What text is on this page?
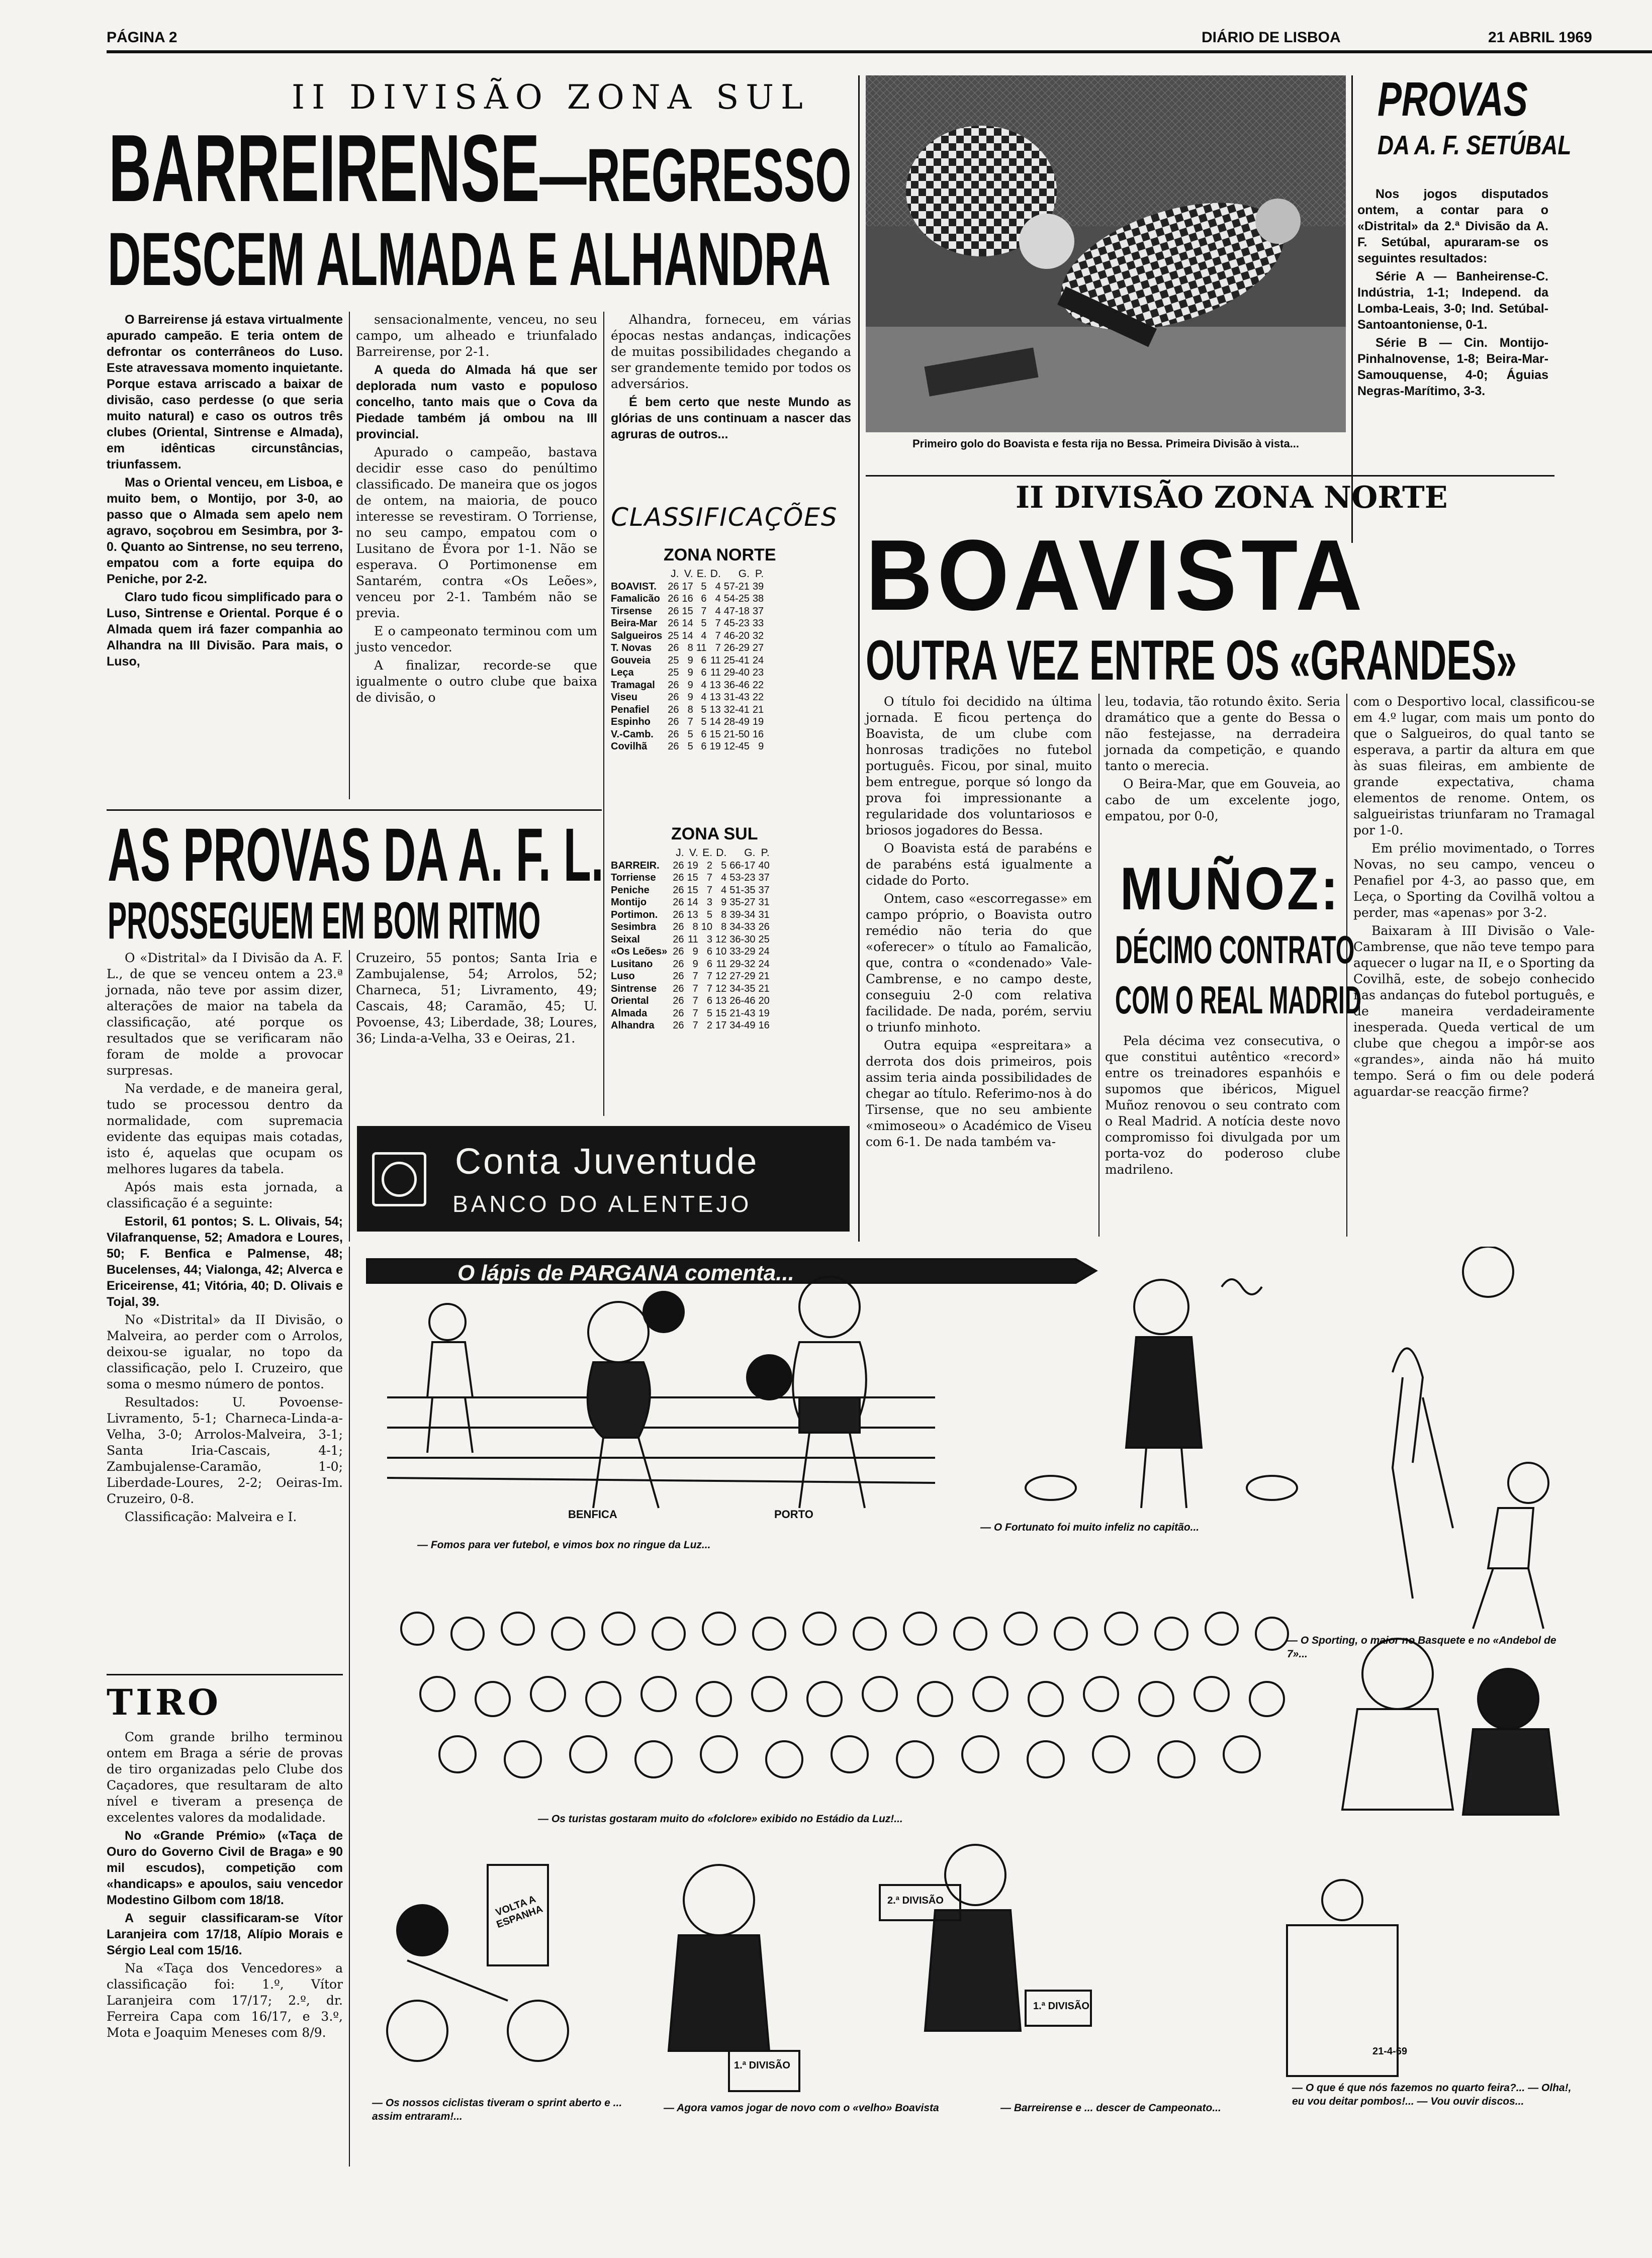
PÁGINA 2	DIÁRIO DE LISBOA	21 ABRIL 1969
II DIVISÃO ZONA SUL
BARREIRENSE—REGRESSO
DESCEM ALMADA E ALHANDRA

O Barreirense já estava virtualmente apurado campeão. E teria ontem de defrontar os conterrâneos do Luso. Este atravessava momento inquietante. Porque estava arriscado a baixar de divisão, caso perdesse (o que seria muito natural) e caso os outros três clubes (Oriental, Sintrense e Almada), em idênticas circunstâncias, triunfassem.

Mas o Oriental venceu, em Lisboa, e muito bem, o Montijo, por 3-0, ao passo que o Almada sem apelo nem agravo, soçobrou em Sesimbra, por 3-0. Quanto ao Sintrense, no seu terreno, empatou com a forte equipa do Peniche, por 2-2.

Claro tudo ficou simplificado para o Luso, Sintrense e Oriental. Porque é o Almada quem irá fazer companhia ao Alhandra na III Divisão. Para mais, o Luso,

sensacionalmente, venceu, no seu campo, um alheado e triunfalado Barreirense, por 2-1.

A queda do Almada há que ser deplorada num vasto e populoso concelho, tanto mais que o Cova da Piedade também já ombou na III provincial.

Apurado o campeão, bastava decidir esse caso do penúltimo classificado. De maneira que os jogos de ontem, na maioria, de pouco interesse se revestiram. O Torriense, no seu campo, empatou com o Lusitano de Évora por 1-1. Não se esperava. O Portimonense em Santarém, contra «Os Leões», venceu por 2-1. Também não se previa.

E o campeonato terminou com um justo vencedor.

A finalizar, recorde-se que igualmente o outro clube que baixa de divisão, o

Alhandra, forneceu, em várias épocas nestas andanças, indicações de muitas possibilidades chegando a ser grandemente temido por todos os adversários.

É bem certo que neste Mundo as glórias de uns continuam a nascer das agruras de outros...

CLASSIFICAÇÕES
ZONA NORTE
	J.	V.	E.	D.	G.	P.
BOAVIST.	26	17	5	4	57-21	39
Famalicão	26	16	6	4	54-25	38
Tirsense	26	15	7	4	47-18	37
Beira-Mar	26	14	5	7	45-23	33
Salgueiros	25	14	4	7	46-20	32
T. Novas	26	8	11	7	26-29	27
Gouveia	25	9	6	11	25-41	24
Leça	25	9	6	11	29-40	23
Tramagal	26	9	4	13	36-46	22
Viseu	26	9	4	13	31-43	22
Penafiel	26	8	5	13	32-41	21
Espinho	26	7	5	14	28-49	19
V.-Camb.	26	5	6	15	21-50	16
Covilhã	26	5	6	19	12-45	9
ZONA SUL
	J.	V.	E.	D.	G.	P.
BARREIR.	26	19	2	5	66-17	40
Torriense	26	15	7	4	53-23	37
Peniche	26	15	7	4	51-35	37
Montijo	26	14	3	9	35-27	31
Portimon.	26	13	5	8	39-34	31
Sesimbra	26	8	10	8	34-33	26
Seixal	26	11	3	12	36-30	25
«Os Leões»	26	9	6	10	33-29	24
Lusitano	26	9	6	11	29-32	24
Luso	26	7	7	12	27-29	21
Sintrense	26	7	7	12	34-35	21
Oriental	26	7	6	13	26-46	20
Almada	26	7	5	15	21-43	19
Alhandra	26	7	2	17	34-49	16
AS PROVAS DA A. F. L.
PROSSEGUEM EM BOM RITMO

O «Distrital» da I Divisão da A. F. L., de que se venceu ontem a 23.ª jornada, não teve por assim dizer, alterações de maior na tabela da classificação, até porque os resultados que se verificaram não foram de molde a provocar surpresas.

Na verdade, e de maneira geral, tudo se processou dentro da normalidade, com supremacia evidente das equipas mais cotadas, isto é, aquelas que ocupam os melhores lugares da tabela.

Após mais esta jornada, a classificação é a seguinte:

Estoril, 61 pontos; S. L. Olivais, 54; Vilafranquense, 52; Amadora e Loures, 50; F. Benfica e Palmense, 48; Bucelenses, 44; Vialonga, 42; Alverca e Ericeirense, 41; Vitória, 40; D. Olivais e Tojal, 39.

No «Distrital» da II Divisão, o Malveira, ao perder com o Arrolos, deixou-se igualar, no topo da classificação, pelo I. Cruzeiro, que soma o mesmo número de pontos.

Resultados: U. Povoense-Livramento, 5-1; Charneca-Linda-a-Velha, 3-0; Arrolos-Malveira, 3-1; Santa Iria-Cascais, 4-1; Zambujalense-Caramão, 1-0; Liberdade-Loures, 2-2; Oeiras-Im. Cruzeiro, 0-8.

Classificação: Malveira e I.

Cruzeiro, 55 pontos; Santa Iria e Zambujalense, 54; Arrolos, 52; Charneca, 51; Livramento, 49; Cascais, 48; Caramão, 45; U. Povoense, 43; Liberdade, 38; Loures, 36; Linda-a-Velha, 33 e Oeiras, 21.

TIRO

Com grande brilho terminou ontem em Braga a série de provas de tiro organizadas pelo Clube dos Caçadores, que resultaram de alto nível e tiveram a presença de excelentes valores da modalidade.

No «Grande Prémio» («Taça de Ouro do Governo Civil de Braga» e 90 mil escudos), competição com «handicaps» e apoulos, saiu vencedor Modestino Gilbom com 18/18.

A seguir classificaram-se Vítor Laranjeira com 17/18, Alípio Morais e Sérgio Leal com 15/16.

Na «Taça dos Vencedores» a classificação foi: 1.º, Vítor Laranjeira com 17/17; 2.º, dr. Ferreira Capa com 16/17, e 3.º, Mota e Joaquim Meneses com 8/9.

Conta Juventude
BANCO DO ALENTEJO
Primeiro golo do Boavista e festa rija no Bessa. Primeira Divisão à vista...
PROVAS
DA A. F. SETÚBAL

Nos jogos disputados ontem, a contar para o «Distrital» da 2.ª Divisão da A. F. Setúbal, apuraram-se os seguintes resultados:

Série A — Banheirense-C. Indústria, 1-1; Independ. da Lomba-Leais, 3-0; Ind. Setúbal-Santoantoniense, 0-1.

Série B — Cin. Montijo-Pinhalnovense, 1-8; Beira-Mar-Samouquense, 4-0; Águias Negras-Marítimo, 3-3.

II DIVISÃO ZONA NORTE
BOAVISTA
OUTRA VEZ ENTRE OS «GRANDES»

O título foi decidido na última jornada. E ficou pertença do Boavista, de um clube com honrosas tradições no futebol português. Ficou, por sinal, muito bem entregue, porque só longo da prova foi impressionante a regularidade dos voluntariosos e briosos jogadores do Bessa.

O Boavista está de parabéns e de parabéns está igualmente a cidade do Porto.

Ontem, caso «escorregasse» em campo próprio, o Boavista outro remédio não teria do que «oferecer» o título ao Famalicão, que, contra o «condenado» Vale-Cambrense, e no campo deste, conseguiu 2-0 com relativa facilidade. De nada, porém, serviu o triunfo minhoto.

Outra equipa «espreitara» a derrota dos dois primeiros, pois assim teria ainda possibilidades de chegar ao título. Referimo-nos à do Tirsense, que no seu ambiente «mimoseou» o Académico de Viseu com 6-1. De nada também va-

leu, todavia, tão rotundo êxito. Seria dramático que a gente do Bessa o não festejasse, na derradeira jornada da competição, e quando tanto o merecia.

O Beira-Mar, que em Gouveia, ao cabo de um excelente jogo, empatou, por 0-0,

com o Desportivo local, classificou-se em 4.º lugar, com mais um ponto do que o Salgueiros, do qual tanto se esperava, a partir da altura em que às suas fileiras, em ambiente de grande expectativa, chama elementos de renome. Ontem, os salgueiristas triunfaram no Tramagal por 1-0.

Em prélio movimentado, o Torres Novas, no seu campo, venceu o Penafiel por 4-3, ao passo que, em Leça, o Sporting da Covilhã voltou a perder, mas «apenas» por 3-2.

Baixaram à III Divisão o Vale-Cambrense, que não teve tempo para aquecer o lugar na II, e o Sporting da Covilhã, este, de sobejo conhecido nas andanças do futebol português, e de maneira verdadeiramente inesperada. Queda vertical de um clube que chegou a impôr-se aos «grandes», ainda não há muito tempo. Será o fim ou dele poderá aguardar-se reacção firme?

MUÑOZ:
DÉCIMO CONTRATO
COM O REAL MADRID

Pela décima vez consecutiva, o que constitui autêntico «record» entre os treinadores espanhóis e supomos que ibéricos, Miguel Muñoz renovou o seu contrato com o Real Madrid. A notícia deste novo compromisso foi divulgada por um porta-voz do poderoso clube madrileno.

O lápis de PARGANA comenta...
BENFICA	PORTO
VOLTA A ESPANHA
1.ª DIVISÃO
2.ª DIVISÃO
1.ª DIVISÃO
— Fomos para ver futebol, e vimos box no ringue da Luz...
— O Fortunato foi muito infeliz no capitão...
— Os turistas gostaram muito do «folclore» exibido no Estádio da Luz!...
— O Sporting, o maior no Basquete e no «Andebol de 7»...
— Os nossos ciclistas tiveram o sprint aberto e ... assim entraram!...
— Agora vamos jogar de novo com o «velho» Boavista	— Barreirense e ... descer de Campeonato...
— O que é que nós fazemos no quarto feira?... — Olha!, eu vou deitar pombos!... — Vou ouvir discos...
21-4-69
